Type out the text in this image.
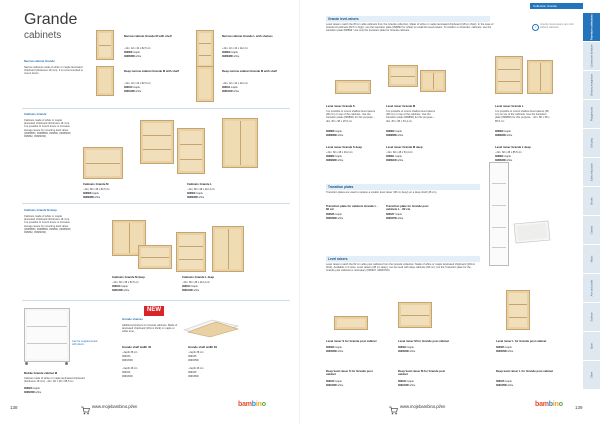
Grande
cabinets
Narrow cabinet Grande
Narrow cabinets made of white or maple laminated chipboard (thickness 18 mm). It is recommended to mount doors.
Narrow cabinet Grande M with shelf
- dim. 42 x 44 x 82,5 cm
096808 maple
096808W white
Narrow cabinet Grande L with shelves
- dim. 42 x 44 x 112 cm
096809 maple
096809W white
Deep narrow cabinet Grande M with shelf
- dim. 42 x 44 x 82,5 cm
096810 maple
096810W white
Deep narrow cabinet Grande M with shelf
- dim. 42 x 44 x 112 cm
096811 maple
096811W white
Cabinets Grande
Cabinets made of white or maple laminated chipboard (thickness 18 mm). It is possible to mount doors or increase storage space by mounting level raiser (096888N, 096888W, 096890, 096890W, 096892, 096892W).
Cabinets Grande M
- dim. 80 x 48 x 82,5 cm
096808 maple
096808W white
Cabinets Grande L
- dim. 80 x 48 x 112,4 cm
096809 maple
096809W white
Cabinets Grande M deep
Cabinets made of white or maple laminated chipboard (thickness 18 mm). It is possible to mount doors or increase storage space by mounting level raiser (096888N, 096888W, 096890, 096890W, 096892, 096892W).
Cabinets Grande M deep
- dim. 80 x 48 x 82,5 cm
096813 maple
096813W white
Cabinets Grande L deep
- dim. 80 x 48 x 112,4 cm
096814 maple
096814W white
Can be supplemented with doors.
Mobile Grande cabinet M
Cabinet made of white or maple laminated chipboard (thickness 18 mm) - dim. 82 x 48 x 88,5 cm
096823 maple
096823W white
NEW
Grande shelves
Additional shelves for Grande cabinets. Made of laminated chipboard (18mm thick) in maple or white tone.
Grande shelf width 43
- depth 38 cm
096333
096333W
- depth 46 cm
096334
096334W
Grande shelf width 81
- depth 38 cm
096335
096335W
- depth 46 cm
096336
096336W
138	www.mojebambino.pl/en	bambino
Collection Grande
Grande level-raisers
Level raisers match the 80 cm wide cabinets from the Grande collection. Made of white or maple laminated chipboard (18mm thick). In the case of Grande M cabinets (82,5 m high), use the transition plate (096892 for white) to install the level-raisers. To install it on Grande L cabinets, use the transition plate 096893. Use only the transition plate for Grande cabinets.
i
Grande level-raisers are sold without cabinets.
Level raiser Grande S
It is possible to mount shallow level raisers (38 cm) on top of the cabinets. Use the transition plate (096860) for this purpose. - dim. 80 x 38 x 25,5 cm
096888 maple
096888W white
Level raiser Grande M
It is possible to mount shallow level raisers (38 cm) on top of the cabinets. Use the transition plate (096860) for this purpose. - dim. 80 x 38 x 54,4 cm
096889 maple
096889W white
Level raiser Grande L
It is possible to mount shallow level raisers (38 cm) on top of the cabinets. Use the transition plate (096860) for this purpose. - dim. 80 x 38 x 85,5 cm
096890 maple
096890W white
Level raiser Grande S deep
- dim. 82 x 48 x 29,2 cm
096889 maple
096889W white
Level raiser Grande M deep
- dim. 82 x 48 x 54,4 cm
096891 maple
096891W white
Level raiser Grande L deep
- dim. 82 x 48 x 85,5 cm
096893 maple
096893W white
Transition plates
Transition plates are used to replace a smaller level raiser (38 cm deep) on a deep shelf (48 cm).
Transition plate for cabinets Grande L - 82 cm
096636 maple
096636W white
Transition plate for Grande post cabinets L - 82 cm
096637 maple
096637W white
Level raisers
Level raisers match the 82 cm wide post cabinets from the Grande collection. Made of white or maple laminated chipboard (18mm thick). Available in 3 sizes. Level raisers (38 cm deep), can be used with deep cabinets (48 cm), but the Transition plate for the Grande post cabinets is necessary (096637, 096637W).
Level raiser S for Grande post cabinet
096093 maple
096093W white
Level raiser M for Grande post cabinet
096094 maple
096094W white
Level raiser L for Grande post cabinet
096095 maple
096095W white
Deep level raiser S for Grande post cabinet
096183 maple
096183W white
Deep level raiser M for Grande post cabinet
096184 maple
096184W white
Deep level raiser L for Grande post cabinet
096185 maple
096185W white
www.mojebambino.pl/en	bambino	139
Furniture collections
Classroom furniture
Sensory integration
Playgrounds
Soft play
Early education
Books
Games
Music
Arts and crafts
Science
Sport
Other
